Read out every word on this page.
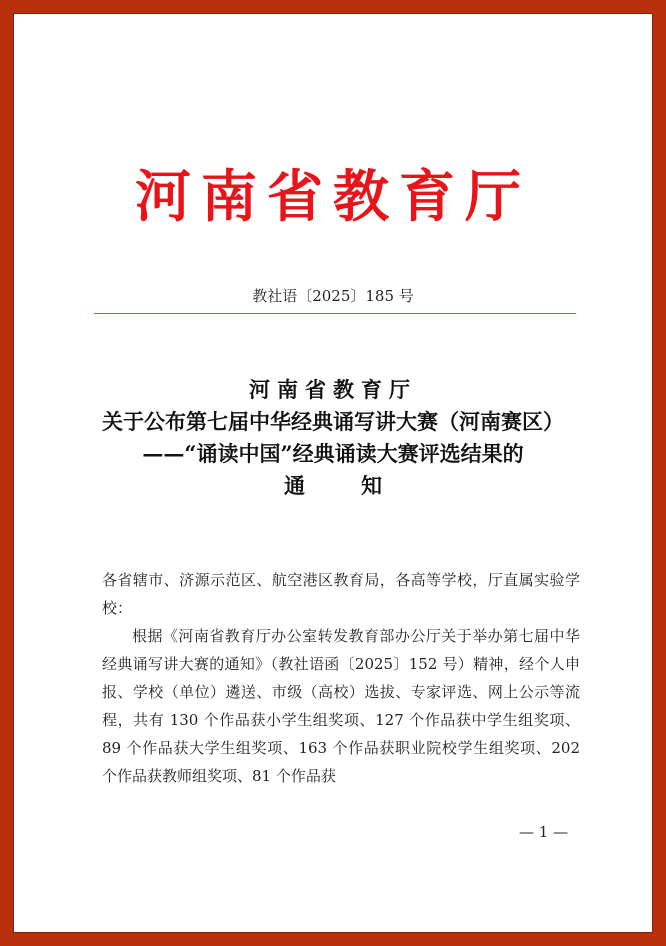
河南省教育厅
教社语〔2025〕185 号
河南省教育厅
关于公布第七届中华经典诵写讲大赛（河南赛区）
——“诵读中国”经典诵读大赛评选结果的
通知

各省辖市、济源示范区、航空港区教育局，各高等学校，厅直属实验学校：

根据《河南省教育厅办公室转发教育部办公厅关于举办第七届中华经典诵写讲大赛的通知》（教社语函〔2025〕152 号）精神，经个人申报、学校（单位）遴送、市级（高校）选拔、专家评选、网上公示等流程，共有 130 个作品获小学生组奖项、127 个作品获中学生组奖项、89 个作品获大学生组奖项、163 个作品获职业院校学生组奖项、202 个作品获教师组奖项、81 个作品获

— 1 —
